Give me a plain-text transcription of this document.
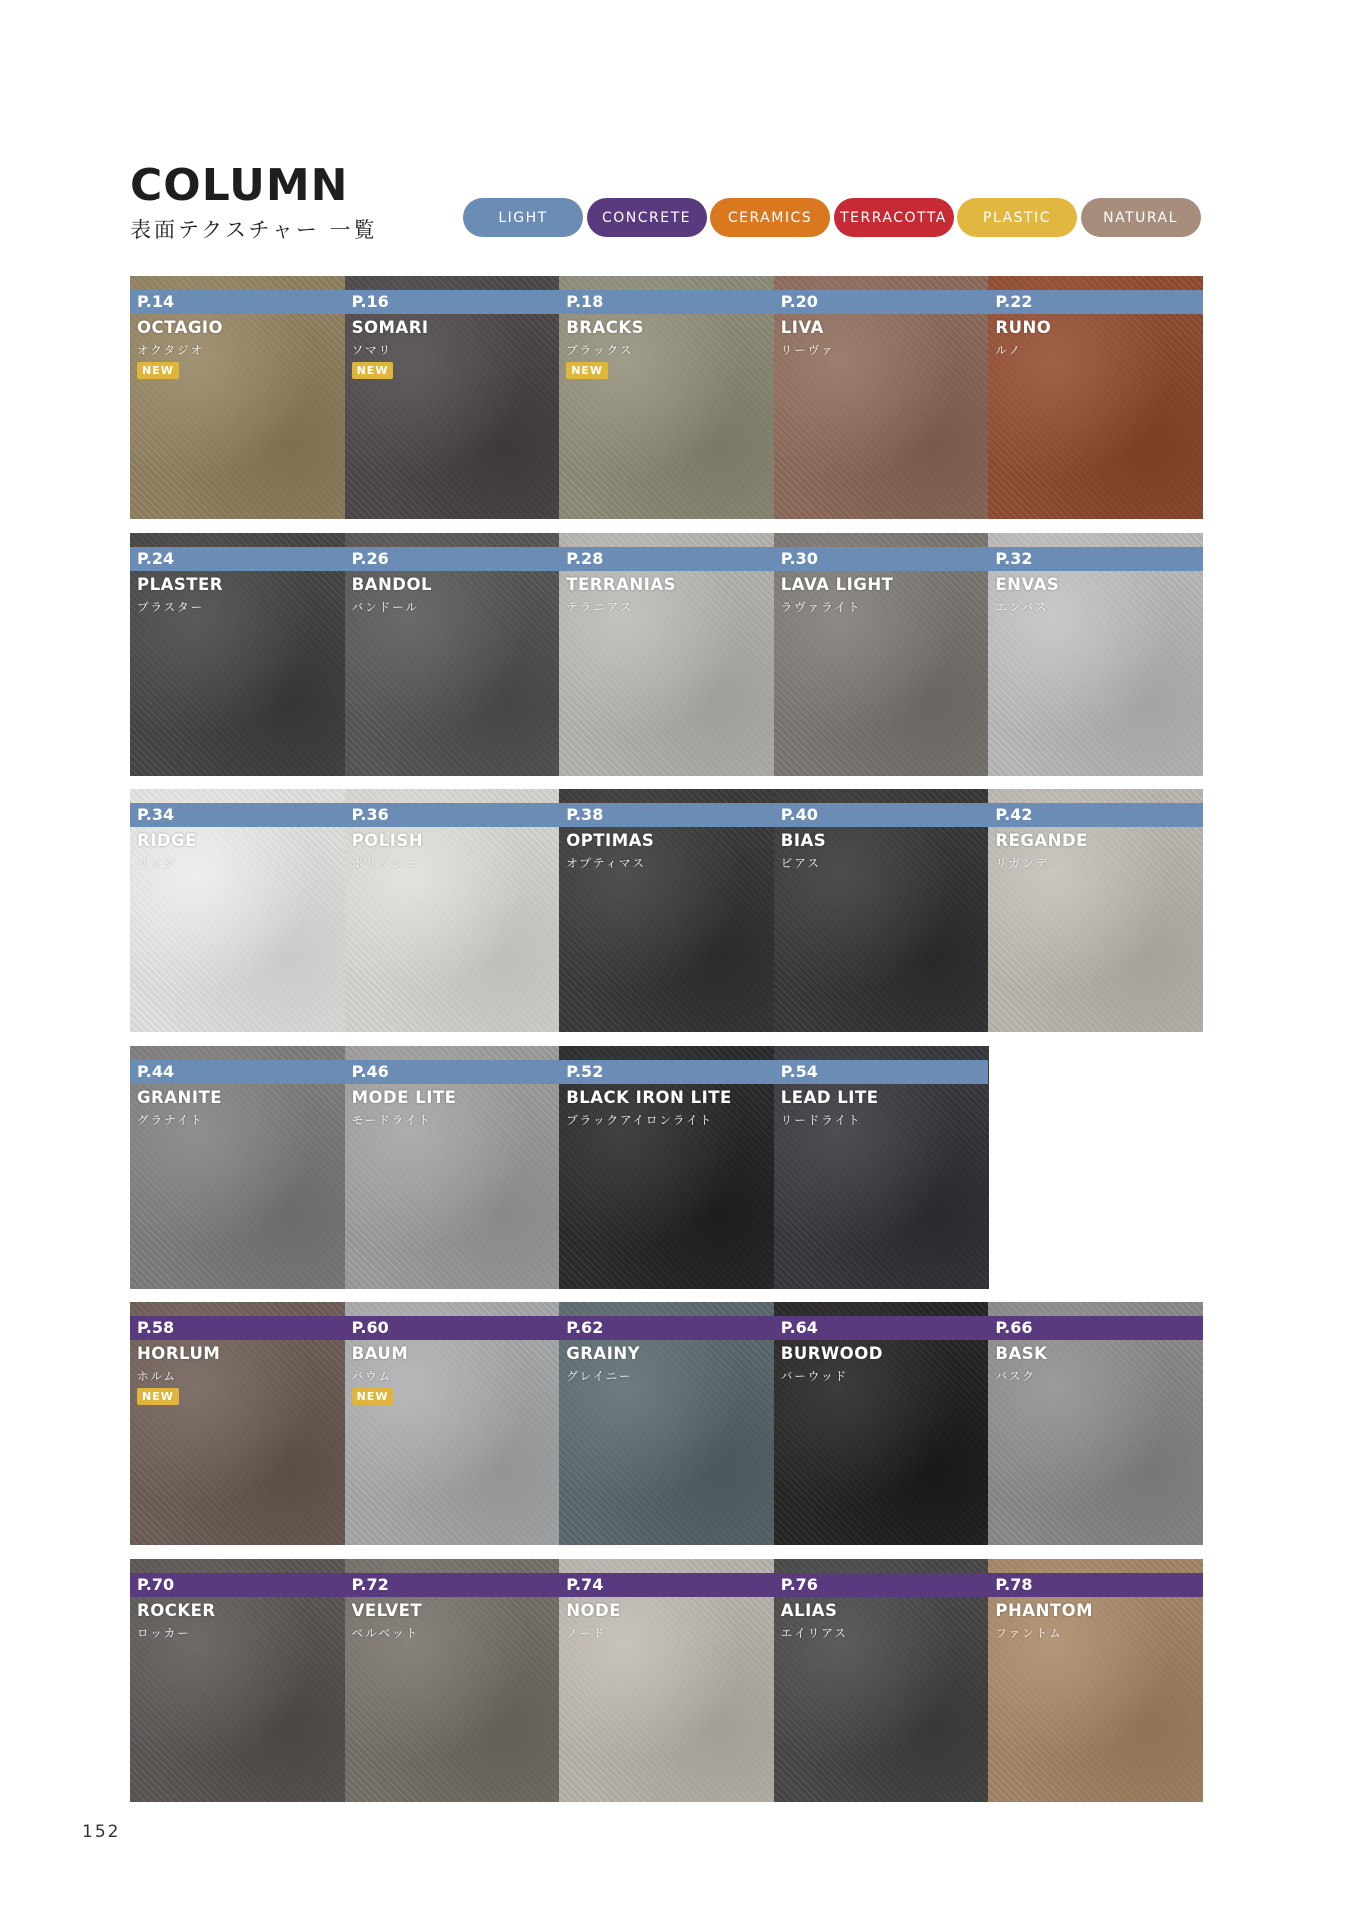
COLUMN
表面テクスチャー 一覧
LIGHT	CONCRETE	CERAMICS	TERRACOTTA	PLASTIC	NATURAL
OCTAGIO
オクタジオ
NEW
SOMARI
ソマリ
NEW
BRACKS
ブラックス
NEW
LIVA
リーヴァ
RUNO
ルノ
P.14	P.16	P.18	P.20	P.22
PLASTER
プラスター
BANDOL
バンドール
TERRANIAS
テラニアス
LAVA LIGHT
ラヴァライト
ENVAS
エンバス
P.24	P.26	P.28	P.30	P.32
RIDGE
リッジ
POLISH
ポリッシュ
OPTIMAS
オプティマス
BIAS
ビアス
REGANDE
リガンデ
P.34	P.36	P.38	P.40	P.42
GRANITE
グラナイト
MODE LITE
モードライト
BLACK IRON LITE
ブラックアイロンライト
LEAD LITE
リードライト
P.44	P.46	P.52	P.54
HORLUM
ホルム
NEW
BAUM
バウム
NEW
GRAINY
グレイニー
BURWOOD
バーウッド
BASK
バスク
P.58	P.60	P.62	P.64	P.66
ROCKER
ロッカー
VELVET
ベルベット
NODE
ノード
ALIAS
エイリアス
PHANTOM
ファントム
P.70	P.72	P.74	P.76	P.78
152
